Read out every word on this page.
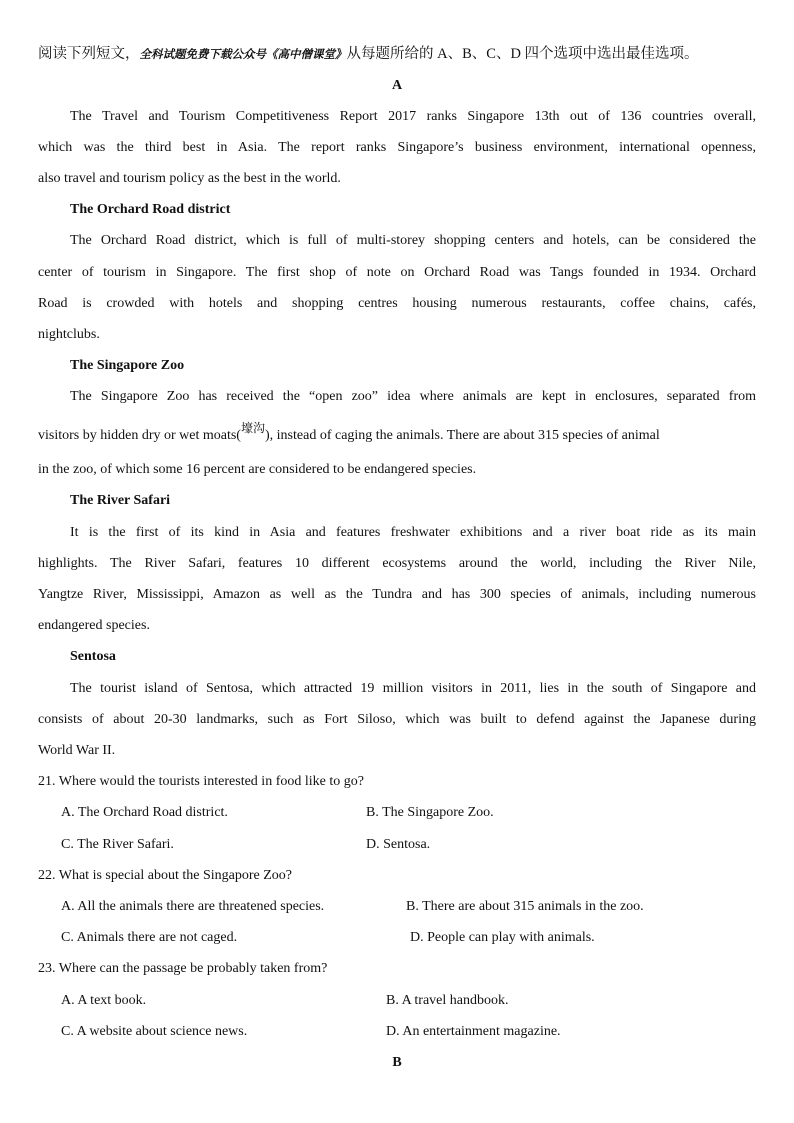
阅读下列短文，全科试题免费下载公众号《高中僧课堂》从每题所给的 A、B、C、D 四个选项中选出最佳选项。
A
The Travel and Tourism Competitiveness Report 2017 ranks Singapore 13th out of 136 countries overall,
which was the third best in Asia. The report ranks Singapore’s business environment, international openness,
also travel and tourism policy as the best in the world.
The Orchard Road district
The Orchard Road district, which is full of multi-storey shopping centers and hotels, can be considered the
center of tourism in Singapore. The first shop of note on Orchard Road was Tangs founded in 1934. Orchard
Road is crowded with hotels and shopping centres housing numerous restaurants, coffee chains, cafés,
nightclubs.
The Singapore Zoo
The Singapore Zoo has received the “open zoo” idea where animals are kept in enclosures, separated from
visitors by hidden dry or wet moats(壕沟), instead of caging the animals. There are about 315 species of animal
in the zoo, of which some 16 percent are considered to be endangered species.
The River Safari
It is the first of its kind in Asia and features freshwater exhibitions and a river boat ride as its main
highlights. The River Safari, features 10 different ecosystems around the world, including the River Nile,
Yangtze River, Mississippi, Amazon as well as the Tundra and has 300 species of animals, including numerous
endangered species.
Sentosa
The tourist island of Sentosa, which attracted 19 million visitors in 2011, lies in the south of Singapore and
consists of about 20-30 landmarks, such as Fort Siloso, which was built to defend against the Japanese during
World War II.
21. Where would the tourists interested in food like to go?
A. The Orchard Road district.	B. The Singapore Zoo.
C. The River Safari.	D. Sentosa.
22. What is special about the Singapore Zoo?
A. All the animals there are threatened species.	B. There are about 315 animals in the zoo.
C. Animals there are not caged.	D. People can play with animals.
23. Where can the passage be probably taken from?
A. A text book.	B. A travel handbook.
C. A website about science news.	D. An entertainment magazine.
B
